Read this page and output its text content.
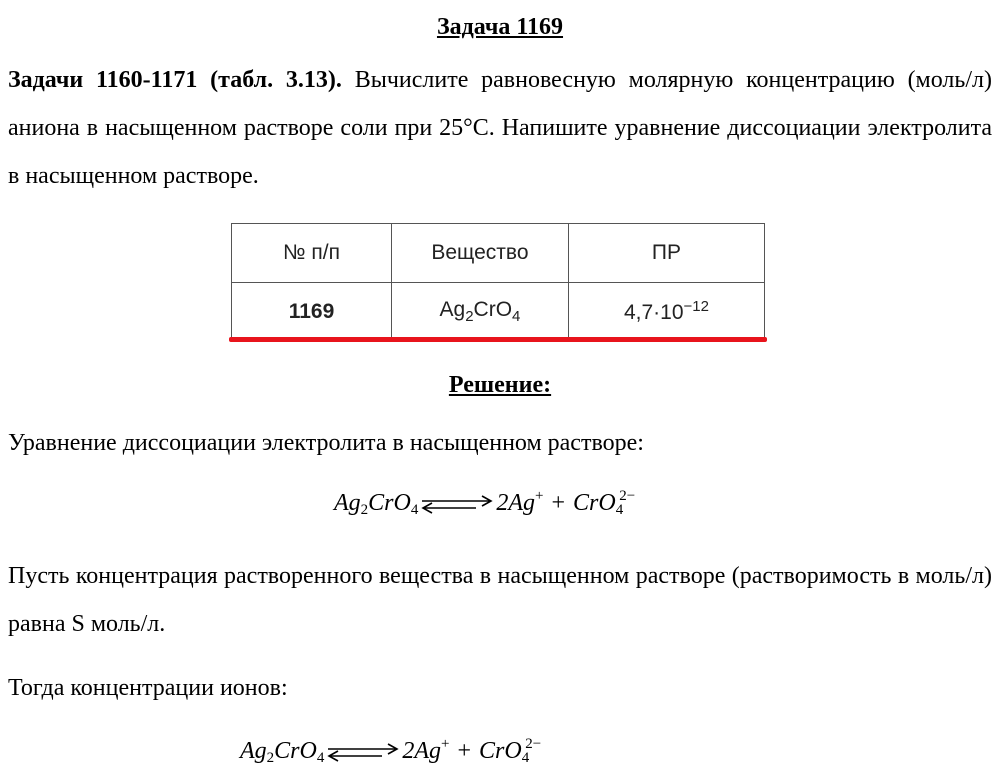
Задача 1169
Задачи 1160-1171 (табл. 3.13). Вычислите равновесную молярную концентрацию (моль/л) аниона в насыщенном растворе соли при 25°С. Напишите уравнение диссоциации электролита в насыщенном растворе.
№ п/п	Вещество	ПР
1169	$Ag_2CrO_4$	$4,7\cdot 10^{-12}$
Решение:
Уравнение диссоциации электролита в насыщенном растворе:
$Ag_2CrO_4$ ⇌ 2Ag+ + CrO$_4^{2-}$
Пусть концентрация растворенного вещества в насыщенном растворе (растворимость в моль/л) равна S моль/л.
Тогда концентрации ионов:
$Ag_2CrO_4$ ⇌ 2Ag+ + CrO$_4^{2-}$
